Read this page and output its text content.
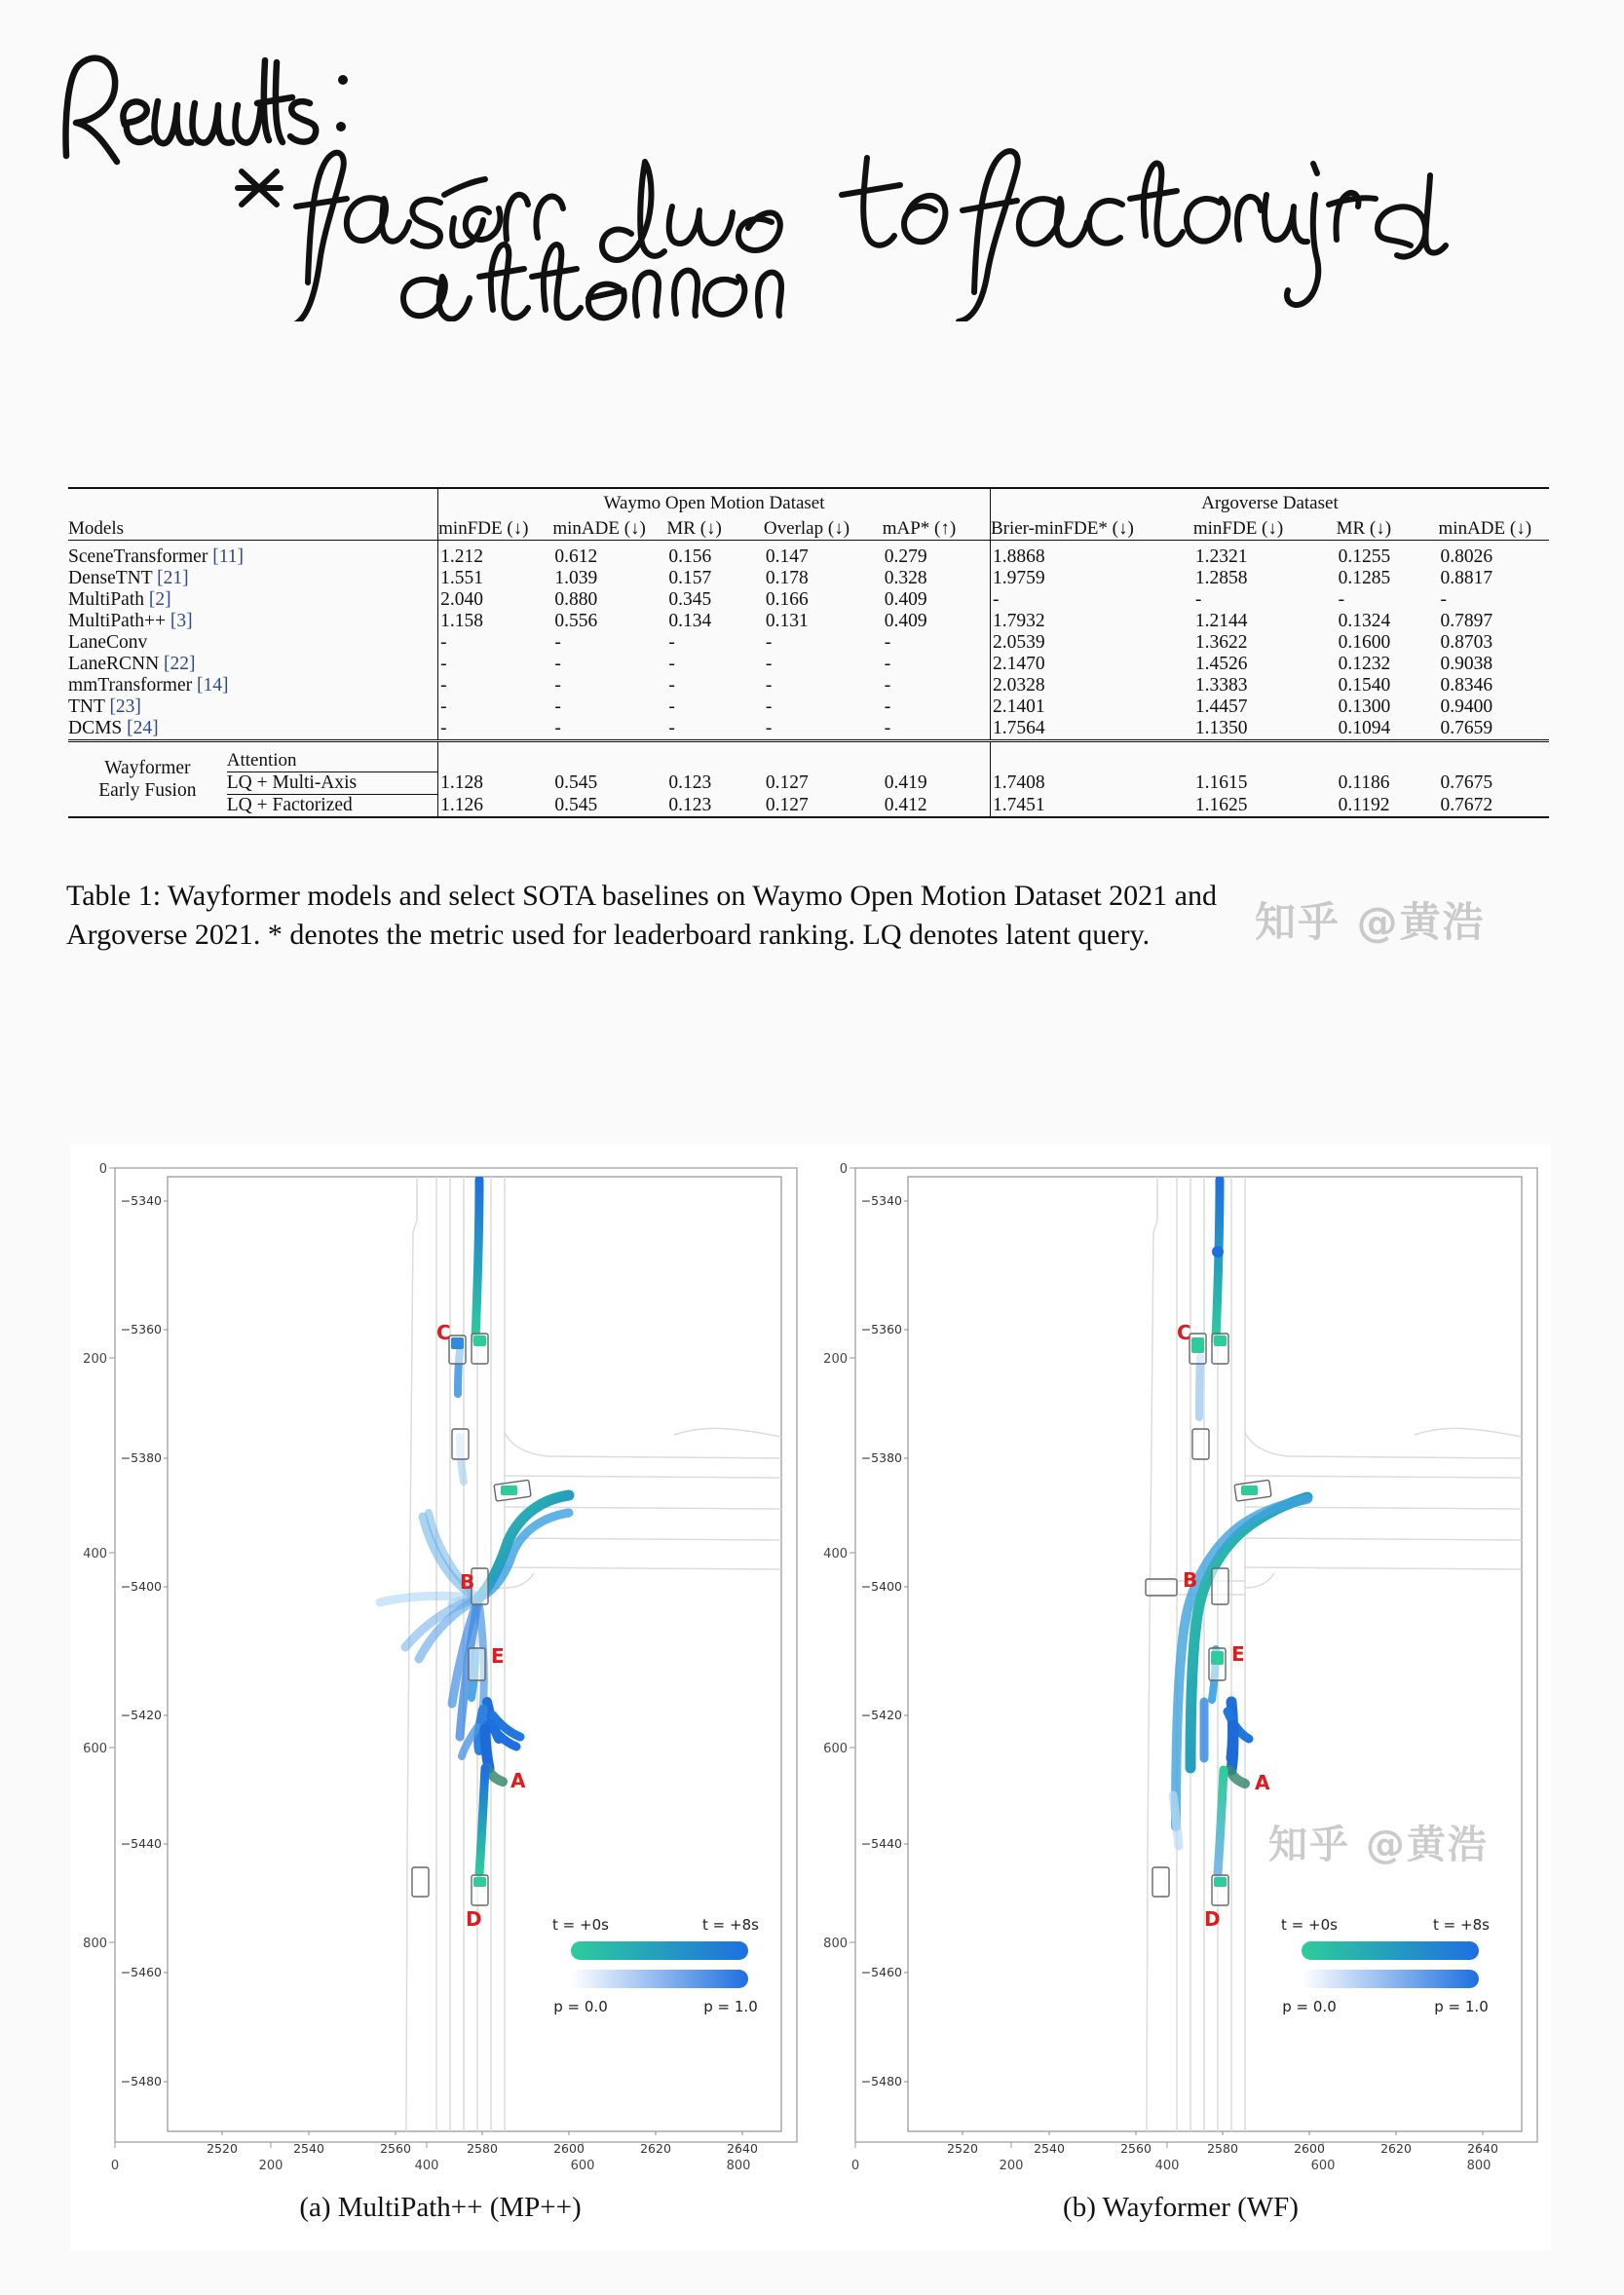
		Waymo Open Motion Dataset					Argoverse Dataset			
Models		minFDE (↓)	minADE (↓)	MR (↓)	Overlap (↓)	mAP* (↑)	Brier-minFDE* (↓)	minFDE (↓)	MR (↓)	minADE (↓)
SceneTransformer [11]		1.212	0.612	0.156	0.147	0.279	1.8868	1.2321	0.1255	0.8026
DenseTNT [21]		1.551	1.039	0.157	0.178	0.328	1.9759	1.2858	0.1285	0.8817
MultiPath [2]		2.040	0.880	0.345	0.166	0.409	-	-	-	-
MultiPath++ [3]		1.158	0.556	0.134	0.131	0.409	1.7932	1.2144	0.1324	0.7897
LaneConv		-	-	-	-	-	2.0539	1.3622	0.1600	0.8703
LaneRCNN [22]		-	-	-	-	-	2.1470	1.4526	0.1232	0.9038
mmTransformer [14]		-	-	-	-	-	2.0328	1.3383	0.1540	0.8346
TNT [23]		-	-	-	-	-	2.1401	1.4457	0.1300	0.9400
DCMS [24]		-	-	-	-	-	1.7564	1.1350	0.1094	0.7659

Wayformer
Early Fusion	Attention									
	LQ + Multi-Axis	1.128	0.545	0.123	0.127	0.419	1.7408	1.1615	0.1186	0.7675
	LQ + Factorized	1.126	0.545	0.123	0.127	0.412	1.7451	1.1625	0.1192	0.7672

Table 1: Wayformer models and select SOTA baselines on Waymo Open Motion Dataset 2021 and
Argoverse 2021. * denotes the metric used for leaderboard ranking. LQ denotes latent query.	知乎 @黄浩
0
200
400
600
800
0	200	400	600	800
−5340
−5360
−5380
−5400
−5420
−5440
−5460
−5480
2520	2540	2560	2580	2600	2620	2640
C
B
E
A
D	t = +0s	t = +8s
p = 0.0	p = 1.0
0
200
400
600
800
0	200	400	600	800
−5340
−5360
−5380
−5400
−5420
−5440
−5460
−5480
2520	2540	2560	2580	2600	2620	2640
C
B
E
A
D	t = +0s	t = +8s
p = 0.0	p = 1.0
(a) MultiPath++ (MP++)	(b) Wayformer (WF)
知乎 @黄浩
